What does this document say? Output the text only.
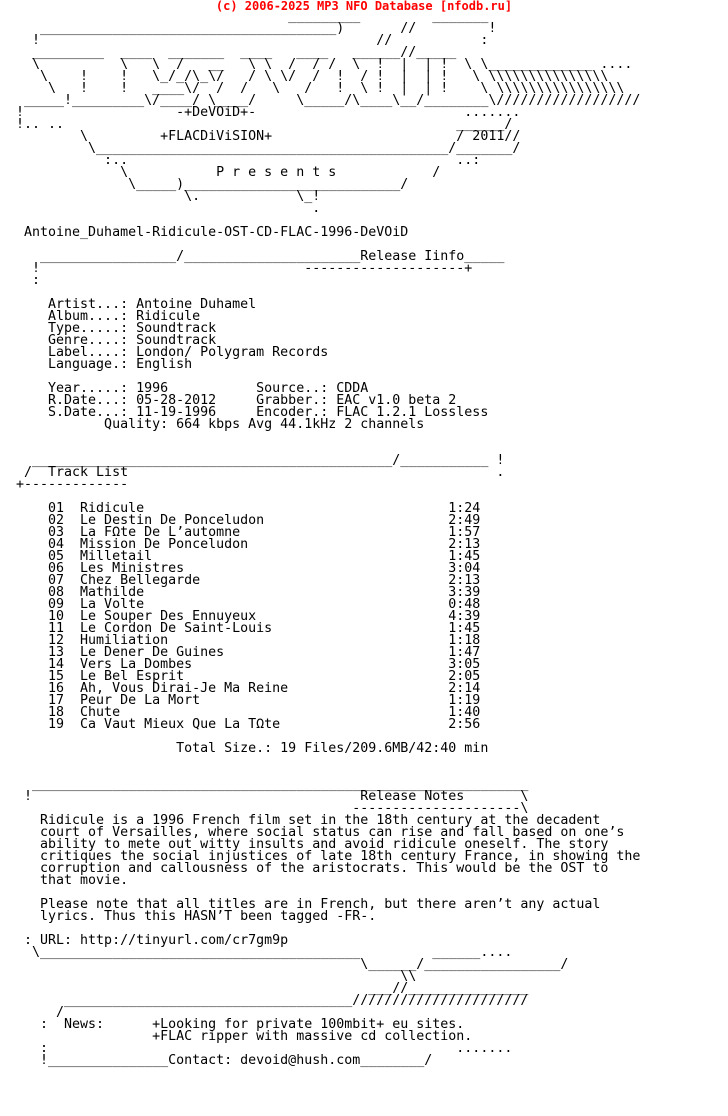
(c) 2006-2025 MP3 NFO Database [nfodb.ru]
_________         _______
_____________________________________)       //         !
!                                          //           :
_________  ____  _______  ____   ____   ______//_____
\          \   \  /   __   \ \  /  / /  \  !  |  | !  \ \_____________ ....
\    !    !   \_/_/\_\/   / \ \/  /  !  / !  |  | !   \ \\\\\\\\\\\\\\\
\   !    !   ____\/  /  /   \   /   !  \ !  |  | !    \ \\\\\\\\\\\\\\\\
_____!_________\/____/ \____/     \_____/\____\__/________\//////////////////
!                   -+DeVOiD+-                          .......
!.. ..                                                 ______/
\         +FLACDiViSION+                       / 2011//
\____________________________________________/_______/
:..                                         ..:
\           P r e s e n t s            /
\_____)___________________________/
\.            \_!
.

Antoine_Duhamel-Ridicule-OST-CD-FLAC-1996-DeVOiD

_________________/______________________Release Iinfo_____
!                                 --------------------+
:

Artist...: Antoine Duhamel
Album....: Ridicule
Type.....: Soundtrack
Genre....: Soundtrack
Label....: London/ Polygram Records
Language.: English

Year.....: 1996           Source..: CDDA
R.Date...: 05-28-2012     Grabber.: EAC v1.0 beta 2
S.Date...: 11-19-1996     Encoder.: FLAC 1.2.1 Lossless
Quality: 664 kbps Avg 44.1kHz 2 channels

_____________________________________________/___________ !
/  Track List                                              .
+-------------

01  Ridicule                                      1:24
02  Le Destin De Ponceludon                       2:49
03  La FΩte De L’automne                          1:57
04  Mission De Ponceludon                         2:13
05  Milletail                                     1:45
06  Les Ministres                                 3:04
07  Chez Bellegarde                               2:13
08  Mathilde                                      3:39
09  La Volte                                      0:48
10  Le Souper Des Ennuyeux                        4:39
11  Le Cordon De Saint-Louis                      1:45
12  Humiliation                                   1:18
13  Le Dеner De Guines                            1:47
14  Vers La Dombes                                3:05
15  Le Bel Esprit                                 2:05
16  Ah, Vous Dirai-Je Ma Reine                    2:14
17  Peur De La Mort                               1:19
18  Chute                                         1:40
19  Ca Vaut Mieux Que La TΩte                     2:56

Total Size.: 19 Files/209.6MB/42:40 min

______________________________________________________________
!                                         Release Notes       \
---------------------\
Ridicule is a 1996 French film set in the 18th century at the decadent
court of Versailles, where social status can rise and fall based on one’s
ability to mete out witty insults and avoid ridicule oneself. The story
critiques the social injustices of late 18th century France, in showing the
corruption and callousness of the aristocrats. This would be the OST to
that movie.

Please note that all titles are in French, but there aren’t any actual
lyrics. Thus this HASN’T been tagged -FR-.

: URL: http://tinyurl.com/cr7gm9p
\________________________________________         ______....
\______/_________________/
\\
___//_______________
____________________________________//////////////////////
/
:  News:      +Looking for private 100mbit+ eu sites.
+FLAC ripper with massive cd collection.
:                                                   .......
!_______________Contact: devoid@hush.com________/
